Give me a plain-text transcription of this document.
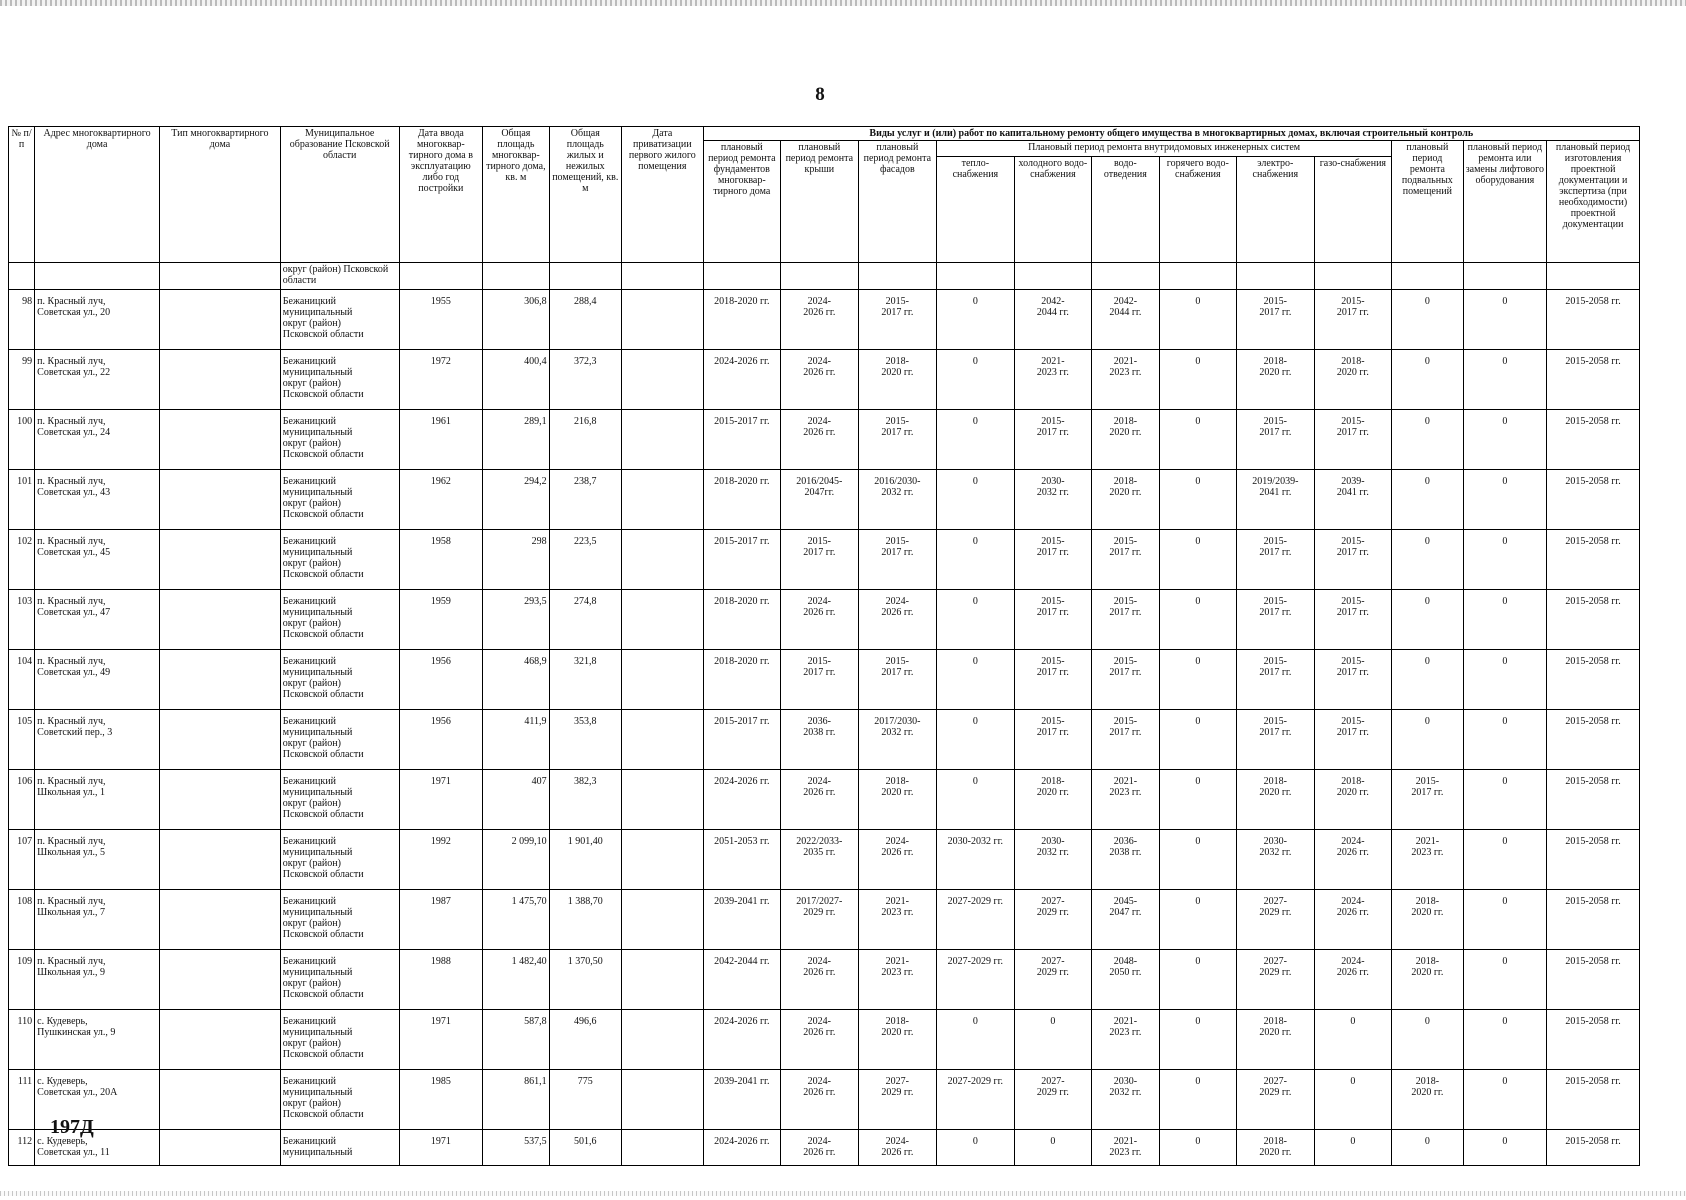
8
№ п/п	Адрес многоквартирного дома	Тип многоквартирного дома	Муниципальное образование Псковской области	Дата ввода многоквар-тирного дома в эксплуатацию либо год постройки	Общая площадь многоквар-тирного дома, кв. м	Общая площадь жилых и нежилых помещений, кв. м	Дата приватизации первого жилого помещения	Виды услуг и (или) работ по капитальному ремонту общего имущества в многоквартирных домах, включая строительный контроль											
								плановый период ремонта фундаментов многоквар-тирного дома	плановый период ремонта крыши	плановый период ремонта фасадов	Плановый период ремонта внутридомовых инженерных систем						плановый период ремонта подвальных помещений	плановый период ремонта или замены лифтового оборудования	плановый период изготовления проектной документации и экспертиза (при необходимости) проектной документации
											тепло-снабжения	холодного водо-снабжения	водо-отведения	горячего водо-снабжения	электро-снабжения	газо-снабжения			
			округ (район) Псковской области																
98	п. Красный луч,
Советская ул., 20		Бежаницкий
муниципальный
округ (район)
Псковской области	1955	306,8	288,4		2018-2020 гг.	2024-
2026 гг.	2015-
2017 гг.	0	2042-
2044 гг.	2042-
2044 гг.	0	2015-
2017 гг.	2015-
2017 гг.	0	0	2015-2058 гг.
99	п. Красный луч,
Советская ул., 22		Бежаницкий
муниципальный
округ (район)
Псковской области	1972	400,4	372,3		2024-2026 гг.	2024-
2026 гг.	2018-
2020 гг.	0	2021-
2023 гг.	2021-
2023 гг.	0	2018-
2020 гг.	2018-
2020 гг.	0	0	2015-2058 гг.
100	п. Красный луч,
Советская ул., 24		Бежаницкий
муниципальный
округ (район)
Псковской области	1961	289,1	216,8		2015-2017 гг.	2024-
2026 гг.	2015-
2017 гг.	0	2015-
2017 гг.	2018-
2020 гг.	0	2015-
2017 гг.	2015-
2017 гг.	0	0	2015-2058 гг.
101	п. Красный луч,
Советская ул., 43		Бежаницкий
муниципальный
округ (район)
Псковской области	1962	294,2	238,7		2018-2020 гг.	2016/2045-
2047гг.	2016/2030-
2032 гг.	0	2030-
2032 гг.	2018-
2020 гг.	0	2019/2039-
2041 гг.	2039-
2041 гг.	0	0	2015-2058 гг.
102	п. Красный луч,
Советская ул., 45		Бежаницкий
муниципальный
округ (район)
Псковской области	1958	298	223,5		2015-2017 гг.	2015-
2017 гг.	2015-
2017 гг.	0	2015-
2017 гг.	2015-
2017 гг.	0	2015-
2017 гг.	2015-
2017 гг.	0	0	2015-2058 гг.
103	п. Красный луч,
Советская ул., 47		Бежаницкий
муниципальный
округ (район)
Псковской области	1959	293,5	274,8		2018-2020 гг.	2024-
2026 гг.	2024-
2026 гг.	0	2015-
2017 гг.	2015-
2017 гг.	0	2015-
2017 гг.	2015-
2017 гг.	0	0	2015-2058 гг.
104	п. Красный луч,
Советская ул., 49		Бежаницкий
муниципальный
округ (район)
Псковской области	1956	468,9	321,8		2018-2020 гг.	2015-
2017 гг.	2015-
2017 гг.	0	2015-
2017 гг.	2015-
2017 гг.	0	2015-
2017 гг.	2015-
2017 гг.	0	0	2015-2058 гг.
105	п. Красный луч,
Советский пер., 3		Бежаницкий
муниципальный
округ (район)
Псковской области	1956	411,9	353,8		2015-2017 гг.	2036-
2038 гг.	2017/2030-
2032 гг.	0	2015-
2017 гг.	2015-
2017 гг.	0	2015-
2017 гг.	2015-
2017 гг.	0	0	2015-2058 гг.
106	п. Красный луч,
Школьная ул., 1		Бежаницкий
муниципальный
округ (район)
Псковской области	1971	407	382,3		2024-2026 гг.	2024-
2026 гг.	2018-
2020 гг.	0	2018-
2020 гг.	2021-
2023 гг.	0	2018-
2020 гг.	2018-
2020 гг.	2015-
2017 гг.	0	2015-2058 гг.
107	п. Красный луч,
Школьная ул., 5		Бежаницкий
муниципальный
округ (район)
Псковской области	1992	2 099,10	1 901,40		2051-2053 гг.	2022/2033-
2035 гг.	2024-
2026 гг.	2030-2032 гг.	2030-
2032 гг.	2036-
2038 гг.	0	2030-
2032 гг.	2024-
2026 гг.	2021-
2023 гг.	0	2015-2058 гг.
108	п. Красный луч,
Школьная ул., 7		Бежаницкий
муниципальный
округ (район)
Псковской области	1987	1 475,70	1 388,70		2039-2041 гг.	2017/2027-
2029 гг.	2021-
2023 гг.	2027-2029 гг.	2027-
2029 гг.	2045-
2047 гг.	0	2027-
2029 гг.	2024-
2026 гг.	2018-
2020 гг.	0	2015-2058 гг.
109	п. Красный луч,
Школьная ул., 9		Бежаницкий
муниципальный
округ (район)
Псковской области	1988	1 482,40	1 370,50		2042-2044 гг.	2024-
2026 гг.	2021-
2023 гг.	2027-2029 гг.	2027-
2029 гг.	2048-
2050 гг.	0	2027-
2029 гг.	2024-
2026 гг.	2018-
2020 гг.	0	2015-2058 гг.
110	с. Кудеверь,
Пушкинская ул., 9		Бежаницкий
муниципальный
округ (район)
Псковской области	1971	587,8	496,6		2024-2026 гг.	2024-
2026 гг.	2018-
2020 гг.	0	0	2021-
2023 гг.	0	2018-
2020 гг.	0	0	0	2015-2058 гг.
111	с. Кудеверь,
Советская ул., 20А		Бежаницкий
муниципальный
округ (район)
Псковской области	1985	861,1	775		2039-2041 гг.	2024-
2026 гг.	2027-
2029 гг.	2027-2029 гг.	2027-
2029 гг.	2030-
2032 гг.	0	2027-
2029 гг.	0	2018-
2020 гг.	0	2015-2058 гг.
112	с. Кудеверь,
Советская ул., 11		Бежаницкий
муниципальный	1971	537,5	501,6		2024-2026 гг.	2024-
2026 гг.	2024-
2026 гг.	0	0	2021-
2023 гг.	0	2018-
2020 гг.	0	0	0	2015-2058 гг.
197Д
